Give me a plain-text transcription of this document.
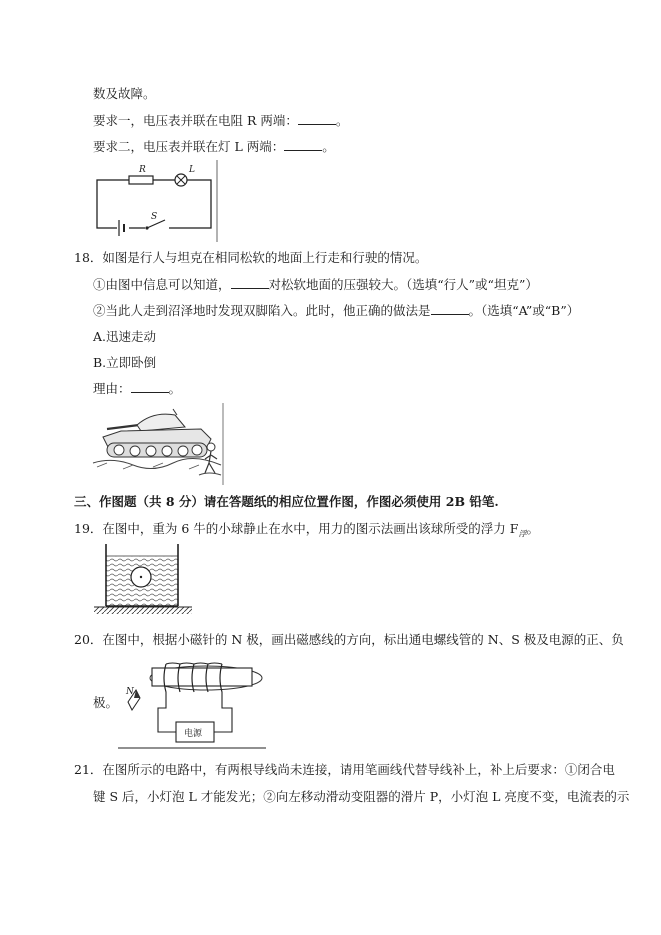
数及故障。
要求一，电压表并联在电阻 R 两端：	。
要求二，电压表并联在灯 L 两端：	。
R	L
S
18．如图是行人与坦克在相同松软的地面上行走和行驶的情况。
①由图中信息可以知道，	对松软地面的压强较大。（选填“行人”或“坦克”）
②当此人走到沼泽地时发现双脚陷入。此时，他正确的做法是	。（选填“A”或“B”）
A.迅速走动
B.立即卧倒
理由：	。
三、作图题（共 8 分）请在答题纸的相应位置作图，作图必须使用 2B 铅笔.
19．在图中，重为 6 牛的小球静止在水中，用力的图示法画出该球所受的浮力 $F_浮$。
20．在图中，根据小磁针的 N 极，画出磁感线的方向，标出通电螺线管的 N、S 极及电源的正、负
极。
电源
N
21．在图所示的电路中，有两根导线尚未连接，请用笔画线代替导线补上，补上后要求：①闭合电
键 S 后，小灯泡 L 才能发光；②向左移动滑动变阻器的滑片 P，小灯泡 L 亮度不变，电流表的示
